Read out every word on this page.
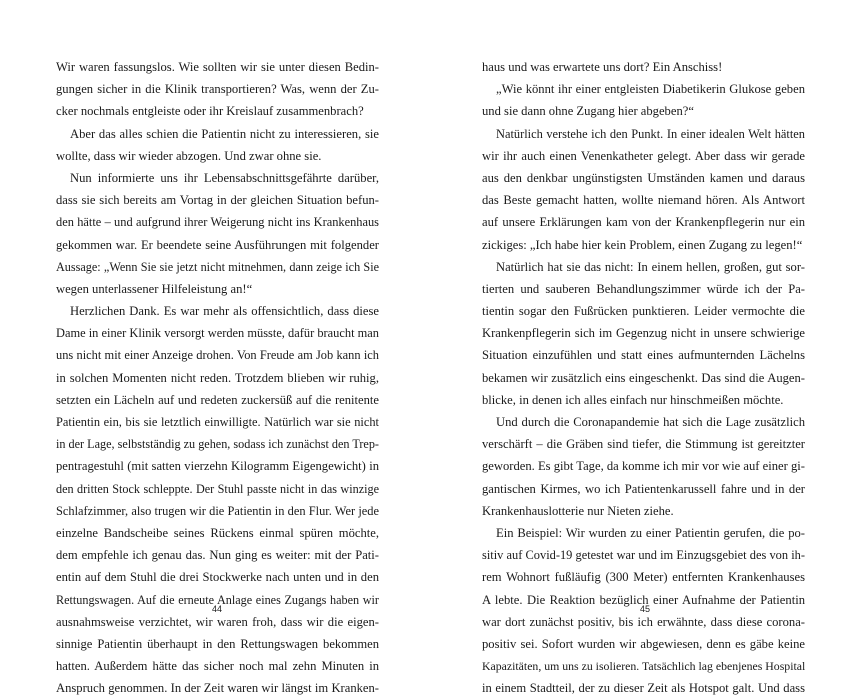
Wir waren fassungslos. Wie sollten wir sie unter diesen Bedin-
gungen sicher in die Klinik transportieren? Was, wenn der Zu-
cker nochmals entgleiste oder ihr Kreislauf zusammenbrach?
Aber das alles schien die Patientin nicht zu interessieren, sie
wollte, dass wir wieder abzogen. Und zwar ohne sie.
Nun informierte uns ihr Lebensabschnittsgefährte darüber,
dass sie sich bereits am Vortag in der gleichen Situation befun-
den hätte – und aufgrund ihrer Weigerung nicht ins Krankenhaus
gekommen war. Er beendete seine Ausführungen mit folgender
Aussage: „Wenn Sie sie jetzt nicht mitnehmen, dann zeige ich Sie
wegen unterlassener Hilfeleistung an!“
Herzlichen Dank. Es war mehr als offensichtlich, dass diese
Dame in einer Klinik versorgt werden müsste, dafür braucht man
uns nicht mit einer Anzeige drohen. Von Freude am Job kann ich
in solchen Momenten nicht reden. Trotzdem blieben wir ruhig,
setzten ein Lächeln auf und redeten zuckersüß auf die renitente
Patientin ein, bis sie letztlich einwilligte. Natürlich war sie nicht
in der Lage, selbstständig zu gehen, sodass ich zunächst den Trep-
pentragestuhl (mit satten vierzehn Kilogramm Eigengewicht) in
den dritten Stock schleppte. Der Stuhl passte nicht in das winzige
Schlafzimmer, also trugen wir die Patientin in den Flur. Wer jede
einzelne Bandscheibe seines Rückens einmal spüren möchte,
dem empfehle ich genau das. Nun ging es weiter: mit der Pati-
entin auf dem Stuhl die drei Stockwerke nach unten und in den
Rettungswagen. Auf die erneute Anlage eines Zugangs haben wir
ausnahmsweise verzichtet, wir waren froh, dass wir die eigen-
sinnige Patientin überhaupt in den Rettungswagen bekommen
hatten. Außerdem hätte das sicher noch mal zehn Minuten in
Anspruch genommen. In der Zeit waren wir längst im Kranken-
haus und was erwartete uns dort? Ein Anschiss!
„Wie könnt ihr einer entgleisten Diabetikerin Glukose geben
und sie dann ohne Zugang hier abgeben?“
Natürlich verstehe ich den Punkt. In einer idealen Welt hätten
wir ihr auch einen Venenkatheter gelegt. Aber dass wir gerade
aus den denkbar ungünstigsten Umständen kamen und daraus
das Beste gemacht hatten, wollte niemand hören. Als Antwort
auf unsere Erklärungen kam von der Krankenpflegerin nur ein
zickiges: „Ich habe hier kein Problem, einen Zugang zu legen!“
Natürlich hat sie das nicht: In einem hellen, großen, gut sor-
tierten und sauberen Behandlungszimmer würde ich der Pa-
tientin sogar den Fußrücken punktieren. Leider vermochte die
Krankenpflegerin sich im Gegenzug nicht in unsere schwierige
Situation einzufühlen und statt eines aufmunternden Lächelns
bekamen wir zusätzlich eins eingeschenkt. Das sind die Augen-
blicke, in denen ich alles einfach nur hinschmeißen möchte.
Und durch die Coronapandemie hat sich die Lage zusätzlich
verschärft – die Gräben sind tiefer, die Stimmung ist gereitzter
geworden. Es gibt Tage, da komme ich mir vor wie auf einer gi-
gantischen Kirmes, wo ich Patientenkarussell fahre und in der
Krankenhauslotterie nur Nieten ziehe.
Ein Beispiel: Wir wurden zu einer Patientin gerufen, die po-
sitiv auf Covid-19 getestet war und im Einzugsgebiet des von ih-
rem Wohnort fußläufig (300 Meter) entfernten Krankenhauses
A lebte. Die Reaktion bezüglich einer Aufnahme der Patientin
war dort zunächst positiv, bis ich erwähnte, dass diese corona-
positiv sei. Sofort wurden wir abgewiesen, denn es gäbe keine
Kapazitäten, um uns zu isolieren. Tatsächlich lag ebenjenes Hospital
in einem Stadtteil, der zu dieser Zeit als Hotspot galt. Und dass
44	45
